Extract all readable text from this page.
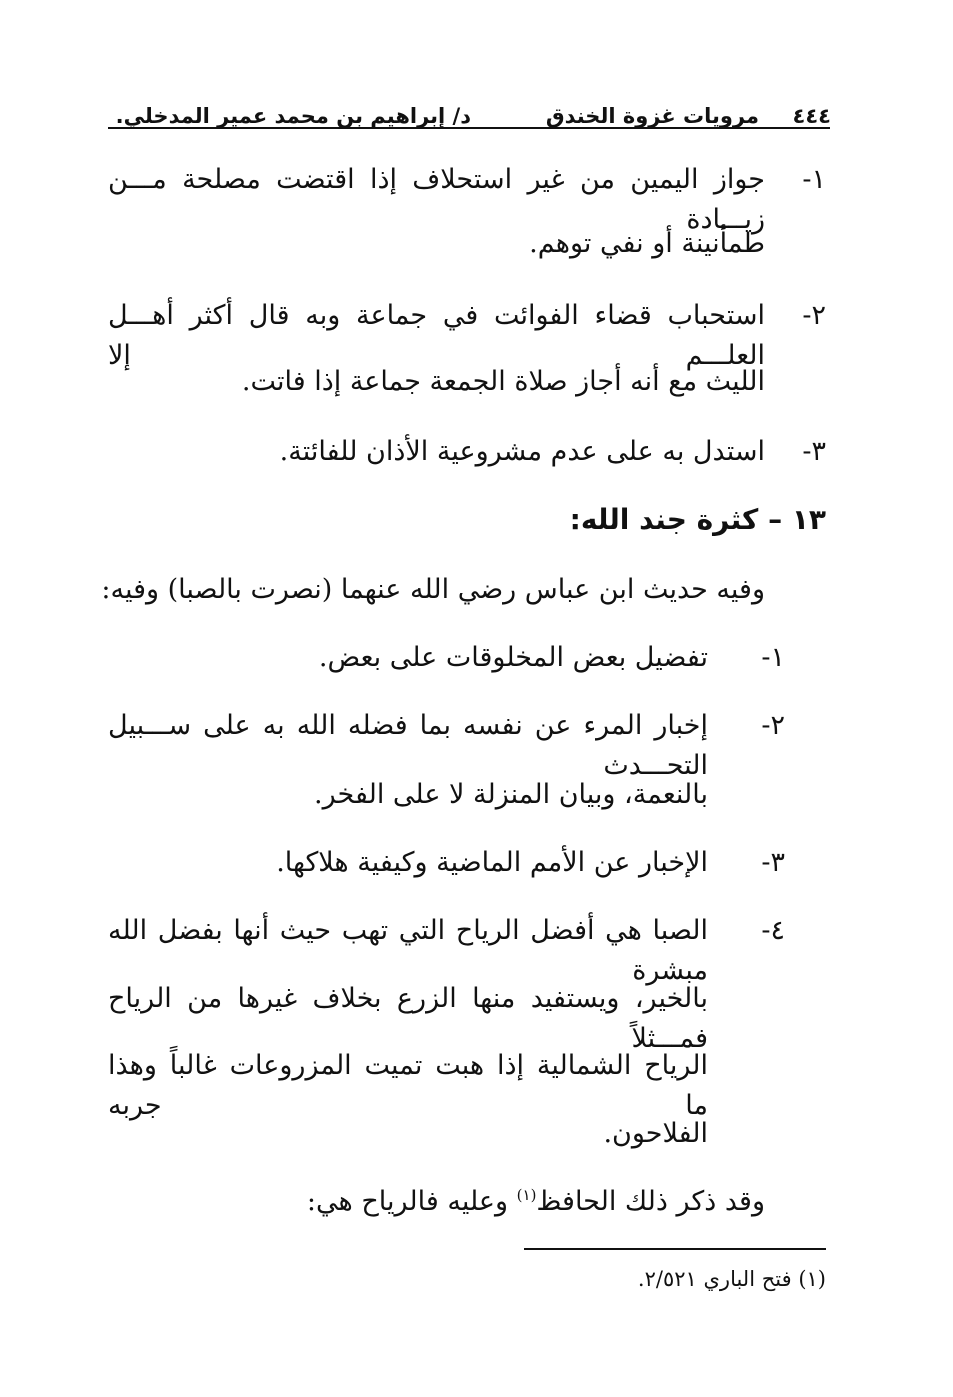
٤٤٤
مرويات غزوة الخندق
د/ إبراهيم بن محمد عمير المدخلي.
١-
جواز اليمين من غير استحلاف إذا اقتضت مصلحة مـــن زيـــادة
طمأنينة أو نفي توهم.
٢-
استحباب قضاء الفوائت في جماعة وبه قال أكثر أهـــل العلـــم إلا
الليث مع أنه أجاز صلاة الجمعة جماعة إذا فاتت.
٣-
استدل به على عدم مشروعية الأذان للفائتة.
١٣ – كثرة جند الله:
وفيه حديث ابن عباس رضي الله عنهما (نصرت بالصبا) وفيه:
١-
تفضيل بعض المخلوقات على بعض.
٢-
إخبار المرء عن نفسه بما فضله الله به على ســـبيل التحـــدث
بالنعمة، وبيان المنزلة لا على الفخر.
٣-
الإخبار عن الأمم الماضية وكيفية هلاكها.
٤-
الصبا هي أفضل الرياح التي تهب حيث أنها بفضل الله مبشرة
بالخير، ويستفيد منها الزرع بخلاف غيرها من الرياح فمـــثلاً
الرياح الشمالية إذا هبت تميت المزروعات غالباً وهذا ما جربه
الفلاحون.
وقد ذكر ذلك الحافظ$^{(١)}$ وعليه فالرياح هي:
(١) فتح الباري ٢/٥٢١.
